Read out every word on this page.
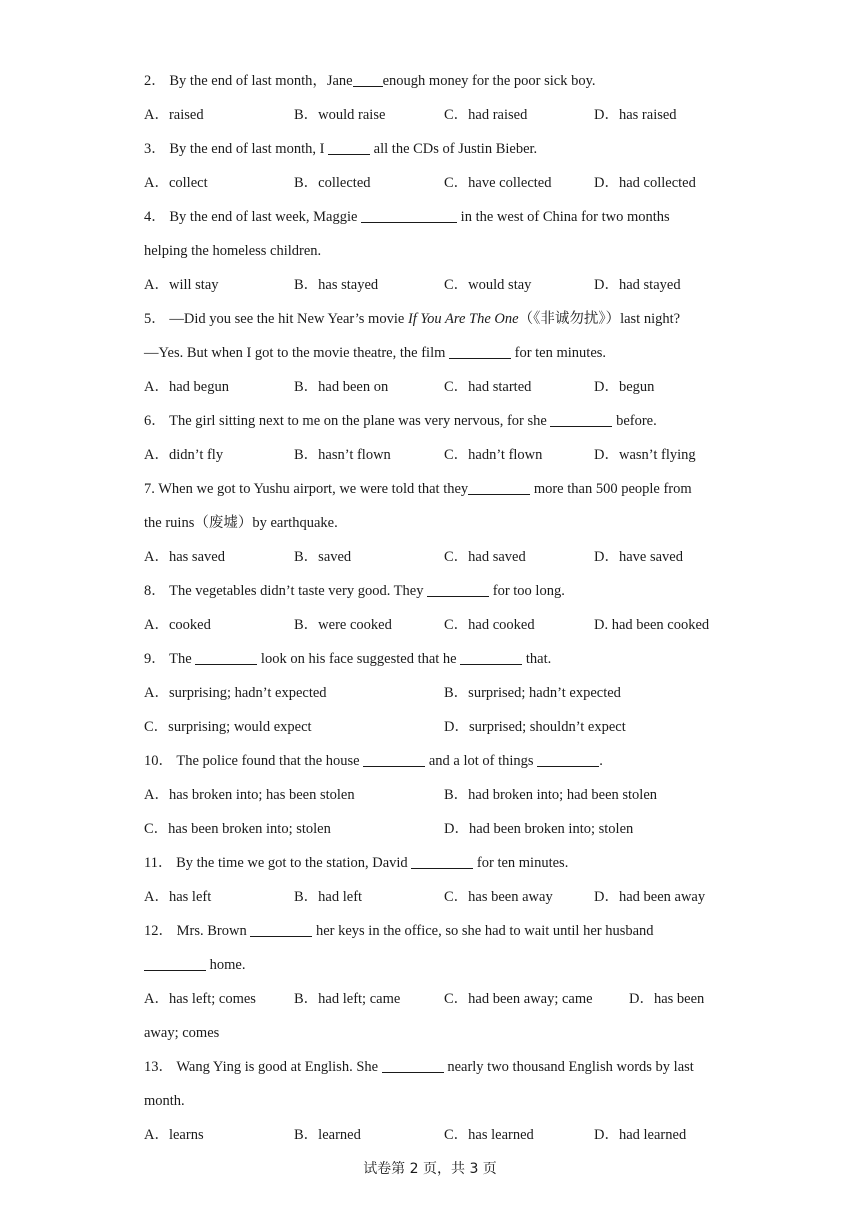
2． By the end of last month，Jane enough money for the poor sick boy.
A．raised	B．would raise	C．had raised	D．has raised
3． By the end of last month, I	all the CDs of Justin Bieber.
A．collect	B．collected	C．have collected	D．had collected
4． By the end of last week, Maggie	in the west of China for two months
helping the homeless children.
A．will stay	B．has stayed	C．would stay	D．had stayed
5． —Did you see the hit New Year’s movie If You Are The One（《非诚勿扰》）last night?
—Yes. But when I got to the movie theatre, the film	for ten minutes.
A．had begun	B．had been on	C．had started	D．begun
6． The girl sitting next to me on the plane was very nervous, for she	before.
A．didn’t fly	B．hasn’t flown	C．hadn’t flown	D．wasn’t flying
7. When we got to Yushu airport, we were told that they	more than 500 people from
the ruins（废墟）by earthquake.
A．has saved	B．saved	C．had saved	D．have saved
8． The vegetables didn’t taste very good. They	for too long.
A．cooked	B．were cooked	C．had cooked	D. had been cooked
9． The	look on his face suggested that he	that.
A．surprising; hadn’t expected	B．surprised; hadn’t expected
C．surprising; would expect	D．surprised; shouldn’t expect
10． The police found that the house	and a lot of things	.
A．has broken into; has been stolen	B．had broken into; had been stolen
C．has been broken into; stolen	D．had been broken into; stolen
11． By the time we got to the station, David	for ten minutes.
A．has left	B．had left	C．has been away	D．had been away
12． Mrs. Brown	her keys in the office, so she had to wait until her husband
home.
A．has left; comes	B．had left; came	C．had been away; came	D．has been
away; comes
13． Wang Ying is good at English. She	nearly two thousand English words by last
month.
A．learns	B．learned	C．has learned	D．had learned
试卷第 2 页，共 3 页
